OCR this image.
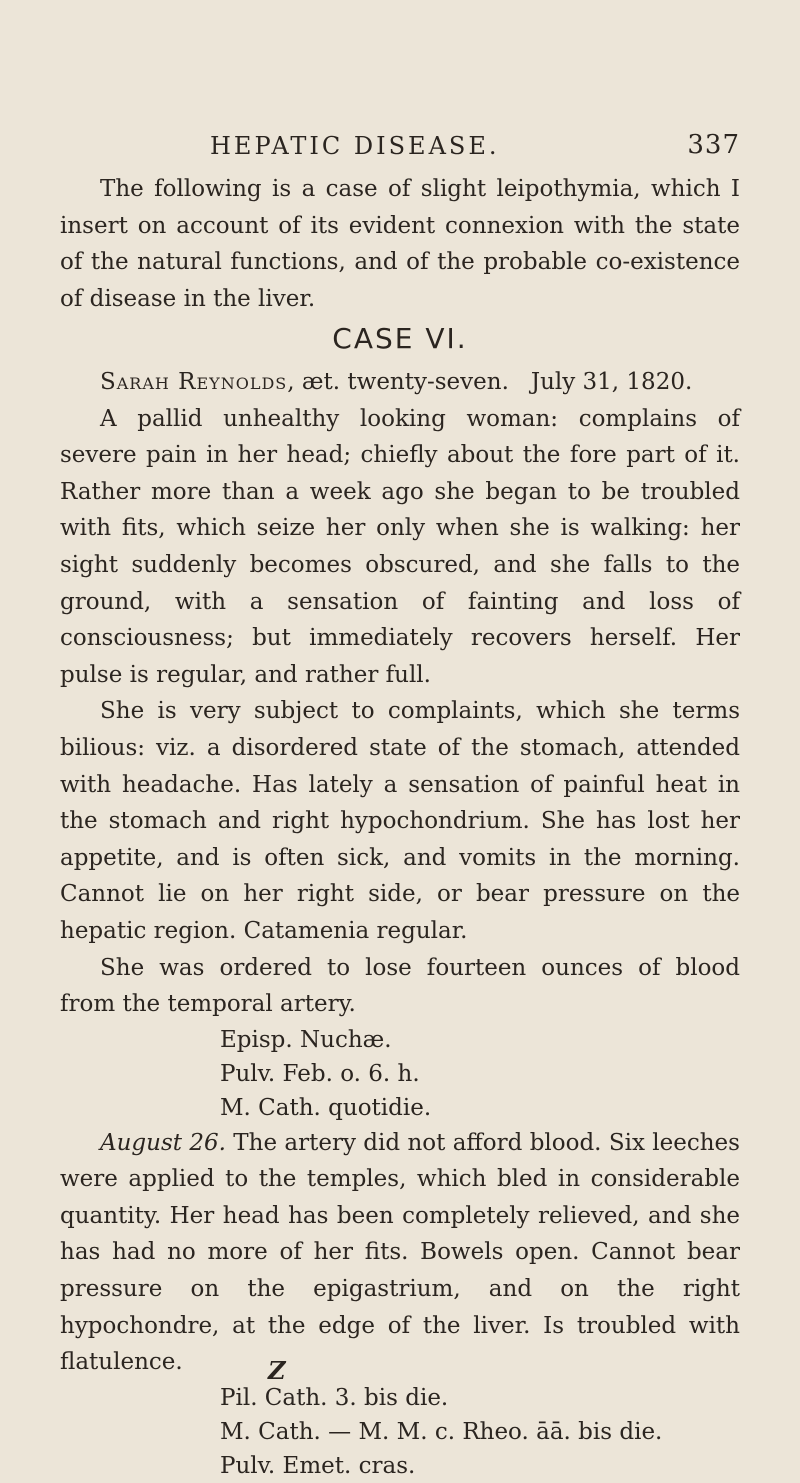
HEPATIC DISEASE.	337

The following is a case of slight leipothymia, which I insert on account of its evident connexion with the state of the natural functions, and of the probable co-existence of disease in the liver.

CASE VI.

Sarah Reynolds, æt. twenty-seven. July 31, 1820.

A pallid unhealthy looking woman: complains of severe pain in her head; chiefly about the fore part of it. Rather more than a week ago she began to be troubled with fits, which seize her only when she is walking: her sight suddenly becomes obscured, and she falls to the ground, with a sensation of fainting and loss of consciousness; but immediately recovers herself. Her pulse is regular, and rather full.

She is very subject to complaints, which she terms bilious: viz. a disordered state of the stomach, attended with headache. Has lately a sensation of painful heat in the stomach and right hypochondrium. She has lost her appetite, and is often sick, and vomits in the morning. Cannot lie on her right side, or bear pressure on the hepatic region. Catamenia regular.

She was ordered to lose fourteen ounces of blood from the temporal artery.

Episp. Nuchæ.

Pulv. Feb. o. 6. h.

M. Cath. quotidie.

August 26. The artery did not afford blood. Six leeches were applied to the temples, which bled in considerable quantity. Her head has been completely relieved, and she has had no more of her fits. Bowels open. Cannot bear pressure on the epigastrium, and on the right hypochondre, at the edge of the liver. Is troubled with flatulence.

Pil. Cath. 3. bis die.

M. Cath. — M. M. c. Rheo. āā. bis die.

Pulv. Emet. cras.

Z
